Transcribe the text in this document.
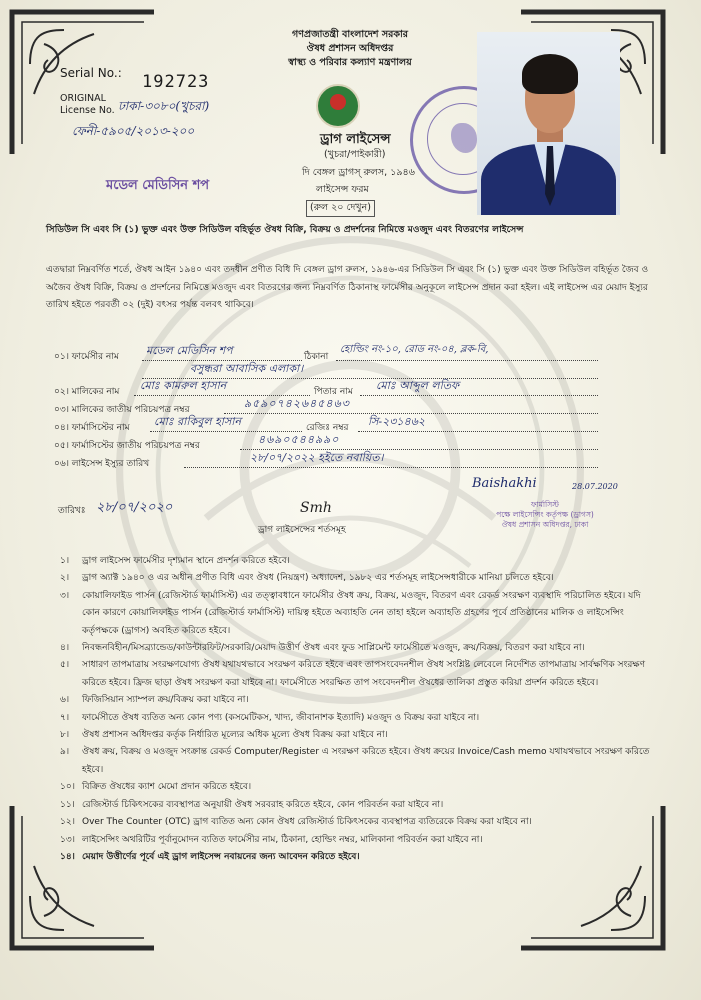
গণপ্রজাতন্ত্রী বাংলাদেশ সরকার
ঔষধ প্রশাসন অধিদপ্তর
স্বাস্থ্য ও পরিবার কল্যাণ মন্ত্রণালয়
Serial No.: 192723
ORIGINAL
License No. ঢাকা-৩০৮০(খুচরা)
ফেনী-৫৯০৫/২০১৩-২০০
ড্রাগ লাইসেন্স
(খুচরা/পাইকারী)
দি বেঙ্গল ড্রাগস্ রুলস, ১৯৪৬
লাইসেন্স ফরম
(রুল ২০ দেখুন)
মডেল মেডিসিন শপ
সিডিউল সি এবং সি (১) ভুক্ত এবং উক্ত সিডিউল বহির্ভূত ঔষধ বিক্রি, বিক্রয় ও প্রদর্শনের নিমিত্তে মওজুদ এবং বিতরণের লাইসেন্স
এতদ্বারা নিম্নবর্ণিত শর্তে, ঔষধ আইন ১৯৪০ এবং তদধীন প্রণীত বিধি দি বেঙ্গল ড্রাগ রুলস, ১৯৪৬-এর সিডিউল সি এবং সি (১) ভুক্ত এবং উক্ত সিডিউল বহির্ভূত জৈব ও অজৈব ঔষধ বিক্রি, বিক্রয় ও প্রদর্শনের নিমিত্তে মওজুদ এবং বিতরণের জন্য নিম্নবর্ণিত ঠিকানাস্থ ফার্মেসীর অনুকূলে লাইসেন্স প্রদান করা হইল। এই লাইসেন্স এর মেয়াদ ইস্যুর তারিখ হইতে পরবর্তী ০২ (দুই) বৎসর পর্যন্ত বলবৎ থাকিবে।
০১। ফার্মেসীর নাম মডেল মেডিসিন শপ	ঠিকানা
হোল্ডিং নং-১০, রোড নং-০৪, ব্লক-বি,
বসুন্ধরা আবাসিক এলাকা।
০২। মালিকের নাম মোঃ কামরুল হাসান	পিতার নাম মোঃ আব্দুল লতিফ
০৩। মালিকের জাতীয় পরিচয়পত্র নম্বর	৯৫৯০৭৪২৬৪৫৪৬৩
০৪। ফার্মাসিস্টের নাম মোঃ রাকিবুল হাসান	রেজিঃ নম্বর সি-২৩১৪৬২
০৫। ফার্মাসিস্টের জাতীয় পরিচয়পত্র নম্বর	৪৬৯০৫৪৪৯৯০
০৬। লাইসেন্স ইস্যুর তারিখ	২৮/০৭/২০২২ হইতে নবায়িত।
তারিখঃ ২৮/০৭/২০২০	Smh
ড্রাগ লাইসেন্সের শর্তসমূহ
Baishakhi	28.07.2020
ফার্মাসিস্ট
পক্ষে লাইসেন্সিং কর্তৃপক্ষ (ড্রাগস)
ঔষধ প্রশাসন অধিদপ্তর, ঢাকা
১। ড্রাগ লাইসেন্স ফার্মেসীর দৃশ্যমান স্থানে প্রদর্শন করিতে হইবে।
২। ড্রাগ অ্যাক্ট ১৯৪০ ও এর অধীন প্রণীত বিধি এবং ঔষধ (নিয়ন্ত্রণ) অধ্যাদেশ, ১৯৮২ এর শর্তসমূহ লাইসেন্সধারীকে মানিয়া চলিতে হইবে।
৩। কোয়ালিফাইড পার্সন (রেজিস্টার্ড ফার্মাসিস্ট) এর তত্ত্বাবধানে ফার্মেসীর ঔষধ ক্রয়, বিক্রয়, মওজুদ, বিতরণ এবং রেকর্ড সংরক্ষণ ব্যবস্থাদি পরিচালিত হইবে। যদি কোন কারণে কোয়ালিফাইড পার্সন (রেজিস্টার্ড ফার্মাসিস্ট) দায়িত্ব হইতে অব্যাহতি নেন তাহা হইলে অব্যাহতি গ্রহণের পূর্বে প্রতিষ্ঠানের মালিক ও লাইসেন্সিং কর্তৃপক্ষকে (ড্রাগস) অবহিত করিতে হইবে।
৪। নিবন্ধনবিহীন/মিসব্র্যান্ডেড/কাউন্টারফিট/সরকারি/মেয়াদ উত্তীর্ণ ঔষধ এবং ফুড সাপ্লিমেন্ট ফার্মেসীতে মওজুদ, ক্রয়/বিক্রয়, বিতরণ করা যাইবে না।
৫। সাধারণ তাপমাত্রায় সংরক্ষণযোগ্য ঔষধ যথাযথভাবে সংরক্ষণ করিতে হইবে এবং তাপসংবেদনশীল ঔষধ সংশ্লিষ্ট লেবেলে নির্দেশিত তাপমাত্রায় সার্বক্ষণিক সংরক্ষণ করিতে হইবে। ফ্রিজ ছাড়া ঔষধ সংরক্ষণ করা যাইবে না। ফার্মেসীতে সংরক্ষিত তাপ সংবেদনশীল ঔষধের তালিকা প্রস্তুত করিয়া প্রদর্শন করিতে হইবে।
৬। ফিজিসিয়ান স্যাম্পল ক্রয়/বিক্রয় করা যাইবে না।
৭। ফার্মেসীতে ঔষধ ব্যতিত অন্য কোন পণ্য (কসমেটিকস, খাদ্য, জীবানাশক ইত্যাদি) মওজুদ ও বিক্রয় করা যাইবে না।
৮। ঔষধ প্রশাসন অধিদপ্তর কর্তৃক নির্ধারিত মূল্যের অধিক মূল্যে ঔষধ বিক্রয় করা যাইবে না।
৯। ঔষধ ক্রয়, বিক্রয় ও মওজুদ সংক্রান্ত রেকর্ড Computer/Register এ সংরক্ষণ করিতে হইবে। ঔষধ ক্রয়ের Invoice/Cash memo যথাযথভাবে সংরক্ষণ করিতে হইবে।
১০। বিক্রিত ঔষধের ক্যাশ মেমো প্রদান করিতে হইবে।
১১। রেজিস্টার্ড চিকিৎসকের ব্যবস্থাপত্র অনুযায়ী ঔষধ সরবরাহ করিতে হইবে, কোন পরিবর্তন করা যাইবে না।
১২। Over The Counter (OTC) ড্রাগ ব্যতিত অন্য কোন ঔষধ রেজিস্টার্ড চিকিৎসকের ব্যবস্থাপত্র ব্যতিরেকে বিক্রয় করা যাইবে না।
১৩। লাইসেন্সিং অথরিটির পূর্বানুমোদন ব্যতিত ফার্মেসীর নাম, ঠিকানা, হোল্ডিং নম্বর, মালিকানা পরিবর্তন করা যাইবে না।
১৪। মেয়াদ উত্তীর্ণের পূর্বে এই ড্রাগ লাইসেন্স নবায়নের জন্য আবেদন করিতে হইবে।
